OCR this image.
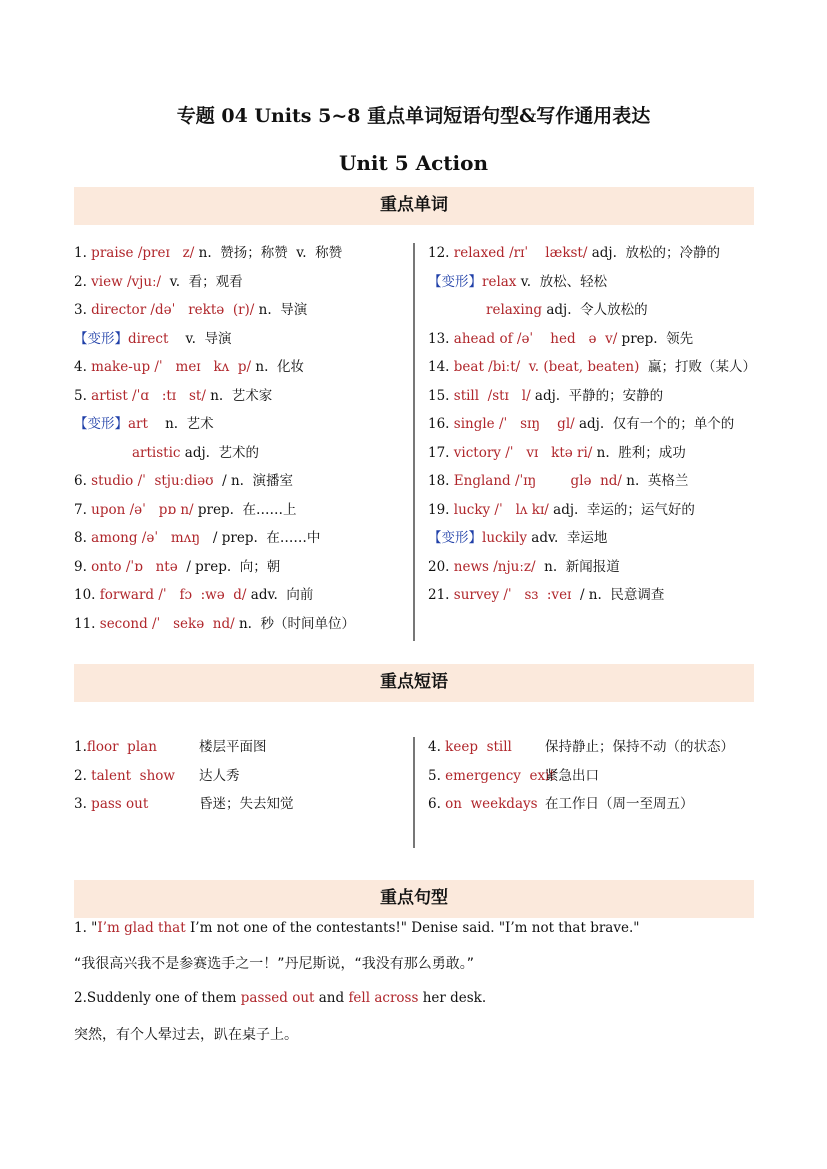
专题 04 Units 5~8 重点单词短语句型&写作通用表达
Unit 5 Action
重点单词
1. praise /preɪ   z/ n.  赞扬；称赞  v.  称赞
2. view /vjuː/  v.  看；观看
3. director /dəˈ   rektə  (r)/ n.  导演
【变形】direct    v.  导演
4. make-up /ˈ   meɪ   kʌ  p/ n.  化妆
5. artist /ˈɑ   :tɪ   st/ n.  艺术家
【变形】art    n.  艺术
artistic adj.  艺术的
6. studio /ˈ  stjuːdiəʊ  / n.  演播室
7. upon /əˈ   pɒ n/ prep.  在……上
8. among /əˈ   mʌŋ   / prep.  在……中
9. onto /ˈɒ   ntə  / prep.  向；朝
10. forward /ˈ   fɔ  :wə  d/ adv.  向前
11. second /ˈ   sekə  nd/ n.  秒（时间单位）
12. relaxed /rɪˈ    lækst/ adj.  放松的；冷静的
【变形】relax v.  放松、轻松
relaxing adj.  令人放松的
13. ahead of /əˈ    hed   ə  v/ prep.  领先
14. beat /biːt/  v. (beat, beaten)  赢；打败（某人）
15. still  /stɪ   l/ adj.  平静的；安静的
16. single /ˈ   sɪŋ    gl/ adj.  仅有一个的；单个的
17. victory /ˈ   vɪ   ktə ri/ n.  胜利；成功
18. England /ˈɪŋ        glə  nd/ n.  英格兰
19. lucky /ˈ   lʌ kɪ/ adj.  幸运的；运气好的
【变形】luckily adv.  幸运地
20. news /njuːz/  n.  新闻报道
21. survey /ˈ   sɜ  :veɪ  / n.  民意调查
重点短语
1.floor  plan	楼层平面图
2. talent  show 达人秀
3. pass out	昏迷；失去知觉
4. keep  still 保持静止；保持不动（的状态）
5. emergency  exit
紧急出口
6. on  weekdays 在工作日（周一至周五）
重点句型
1. "I’m glad that I’m not one of the contestants!" Denise said. "I’m not that brave."
“我很高兴我不是参赛选手之一！”丹尼斯说，“我没有那么勇敢。”
2.Suddenly one of them passed out and fell across her desk.
突然，有个人晕过去，趴在桌子上。
